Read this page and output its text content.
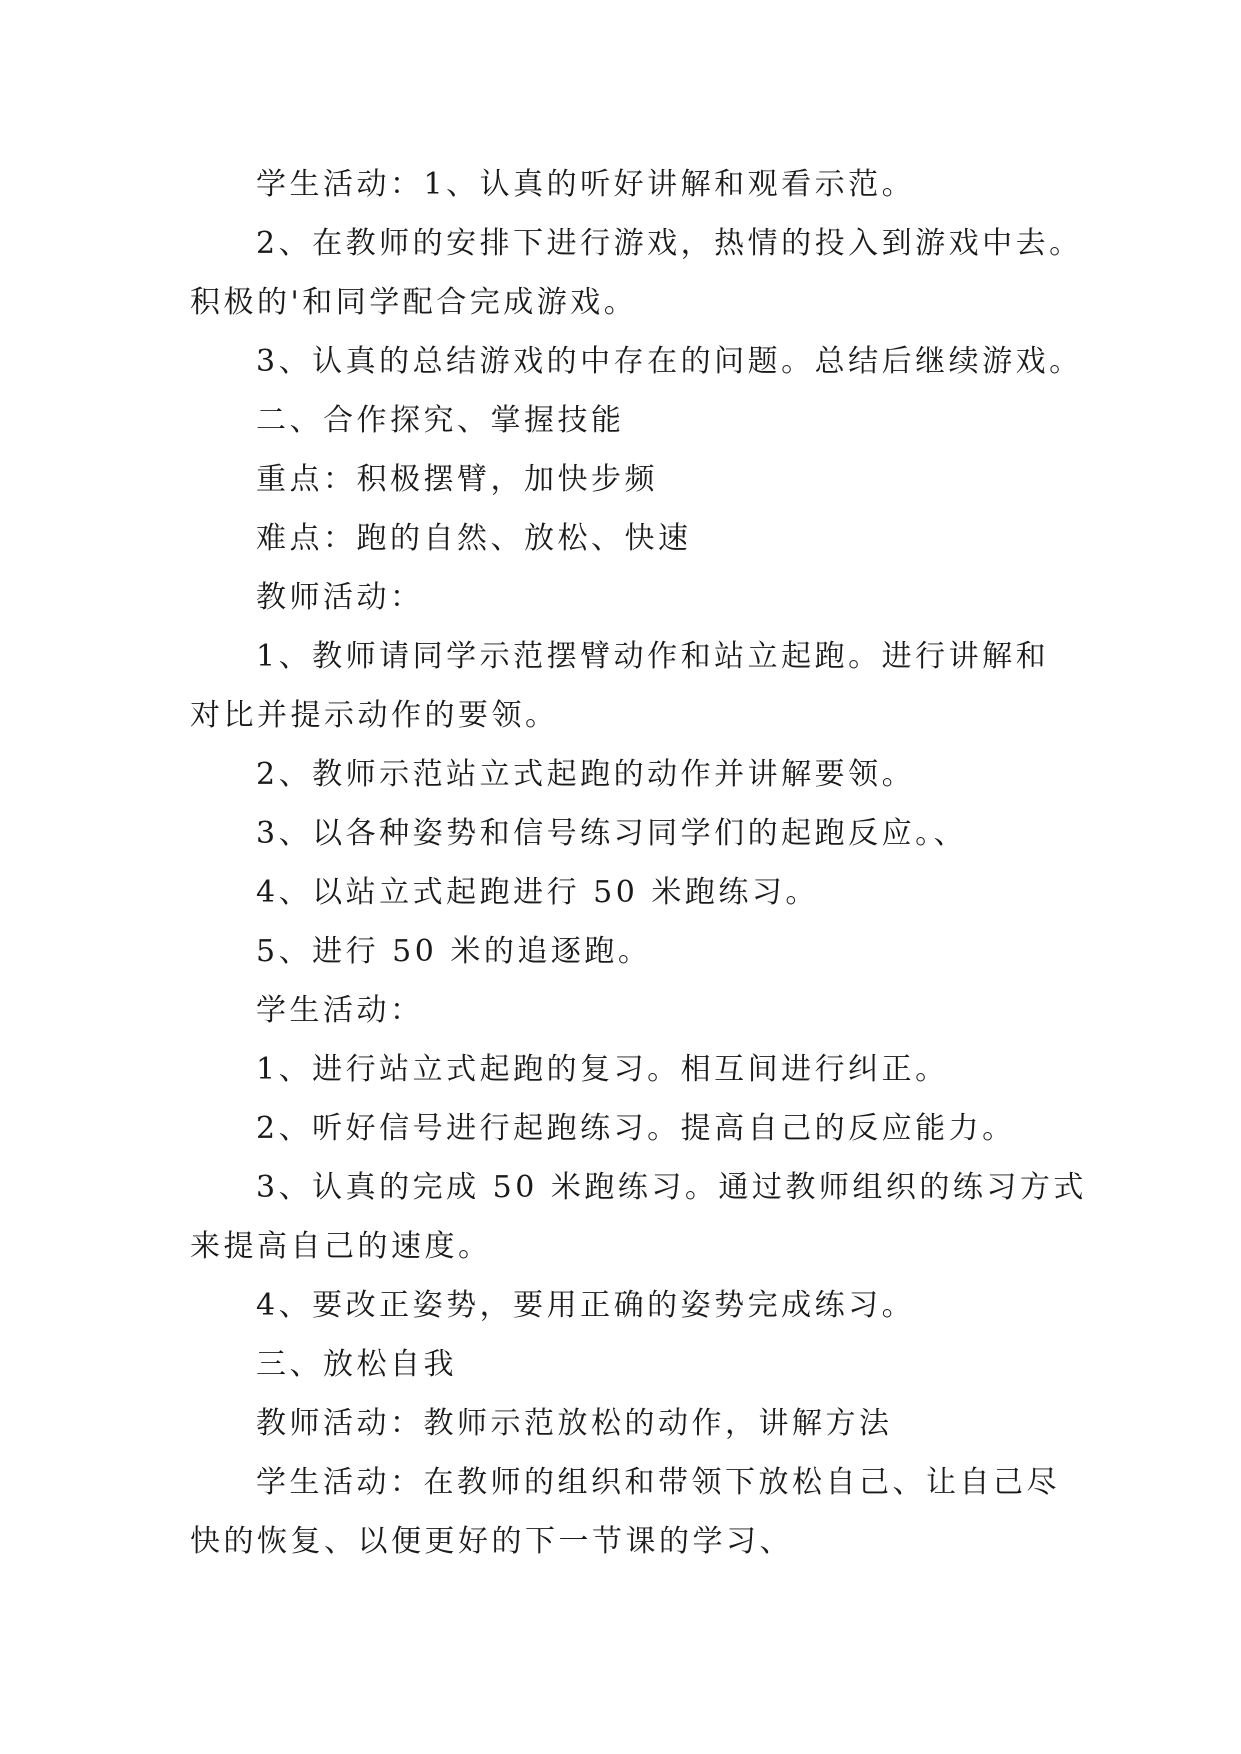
学生活动：1、认真的听好讲解和观看示范。
2、在教师的安排下进行游戏，热情的投入到游戏中去。
积极的'和同学配合完成游戏。
3、认真的总结游戏的中存在的问题。总结后继续游戏。
二、合作探究、掌握技能
重点：积极摆臂，加快步频
难点：跑的自然、放松、快速
教师活动：
1、教师请同学示范摆臂动作和站立起跑。进行讲解和
对比并提示动作的要领。
2、教师示范站立式起跑的动作并讲解要领。
3、以各种姿势和信号练习同学们的起跑反应。、
4、以站立式起跑进行 50 米跑练习。
5、进行 50 米的追逐跑。
学生活动：
1、进行站立式起跑的复习。相互间进行纠正。
2、听好信号进行起跑练习。提高自己的反应能力。
3、认真的完成 50 米跑练习。通过教师组织的练习方式
来提高自己的速度。
4、要改正姿势，要用正确的姿势完成练习。
三、放松自我
教师活动：教师示范放松的动作，讲解方法
学生活动：在教师的组织和带领下放松自己、让自己尽
快的恢复、以便更好的下一节课的学习、
